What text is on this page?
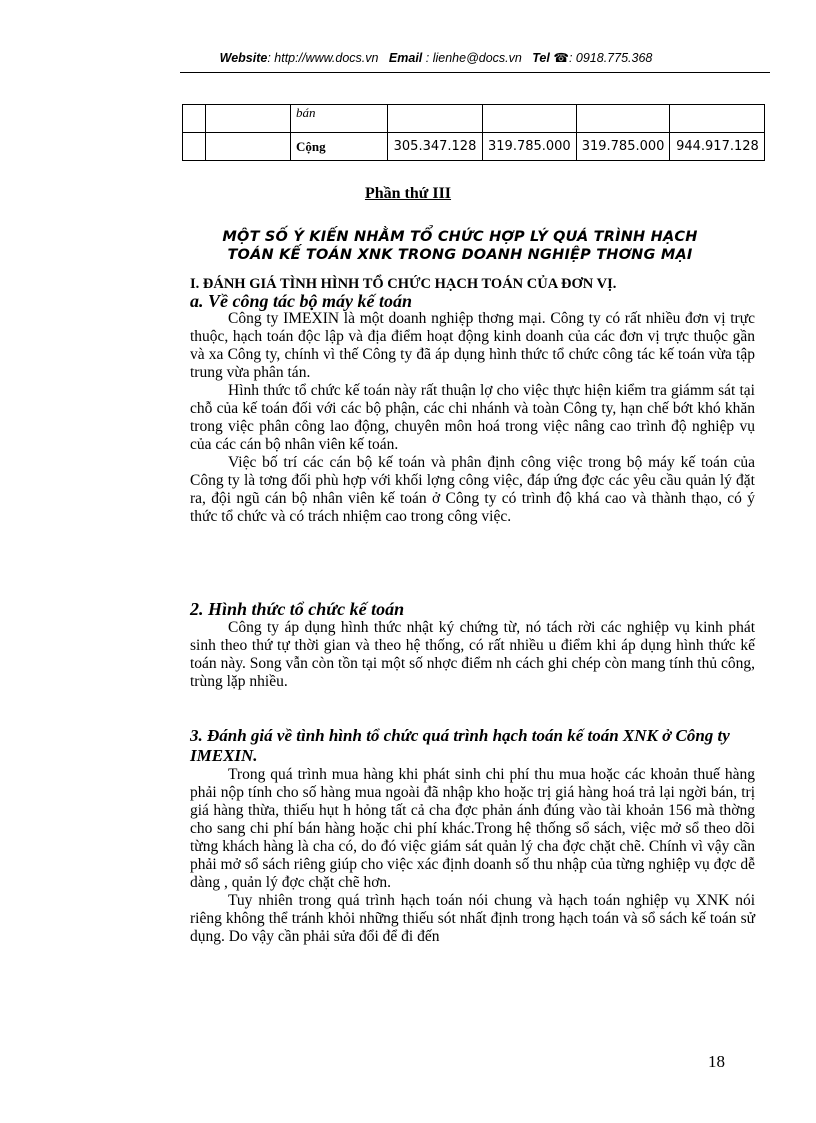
Website: http://www.docs.vn Email : lienhe@docs.vn Tel ☎: 0918.775.368
		bán				
		Cộng	305.347.128	319.785.000	319.785.000	944.917.128
Phần thứ III
MỘT SỐ Ý KIẾN NHẰM TỔ CHỨC HỢP LÝ QUÁ TRÌNH HẠCH
TOÁN KẾ TOÁN XNK TRONG DOANH NGHIỆP THƠNG MẠI
I. ĐÁNH GIÁ TÌNH HÌNH TỔ CHỨC HẠCH TOÁN CỦA ĐƠN VỊ.
a. Về công tác bộ máy kế toán

Công ty IMEXIN là một doanh nghiệp thơng mại. Công ty có rất nhiều đơn vị trực thuộc, hạch toán độc lập và địa điểm hoạt động kinh doanh của các đơn vị trực thuộc gần và xa Công ty, chính vì thế Công ty đã áp dụng hình thức tổ chức công tác kế toán vừa tập trung vừa phân tán.

Hình thức tổ chức kế toán này rất thuận lợ cho việc thực hiện kiểm tra giámm sát tại chỗ của kế toán đối với các bộ phận, các chi nhánh và toàn Công ty, hạn chế bớt khó khăn trong việc phân công lao động, chuyên môn hoá trong việc nâng cao trình độ nghiệp vụ của các cán bộ nhân viên kế toán.

Việc bố trí các cán bộ kế toán và phân định công việc trong bộ máy kế toán của Công ty là tơng đối phù hợp với khối lợng công việc, đáp ứng đợc các yêu cầu quản lý đặt ra, đội ngũ cán bộ nhân viên kế toán ở Công ty có trình độ khá cao và thành thạo, có ý thức tổ chức và có trách nhiệm cao trong công việc.

2. Hình thức tổ chức kế toán

Công ty áp dụng hình thức nhật ký chứng từ, nó tách rời các nghiệp vụ kinh phát sinh theo thứ tự thời gian và theo hệ thống, có rất nhiều u điểm khi áp dụng hình thức kế toán này. Song vẫn còn tồn tại một số nhợc điểm nh cách ghi chép còn mang tính thủ công, trùng lặp nhiều.

3. Đánh giá về tình hình tổ chức quá trình hạch toán kế toán XNK ở Công ty IMEXIN.

Trong quá trình mua hàng khi phát sinh chi phí thu mua hoặc các khoản thuế hàng phải nộp tính cho số hàng mua ngoài đã nhập kho hoặc trị giá hàng hoá trả lại ngời bán, trị giá hàng thừa, thiếu hụt h hỏng tất cả cha đợc phản ánh đúng vào tài khoản 156 mà thờng cho sang chi phí bán hàng hoặc chi phí khác.Trong hệ thống sổ sách, việc mở sổ theo dõi từng khách hàng là cha có, do đó việc giám sát quản lý cha đợc chặt chẽ. Chính vì vậy cần phải mở sổ sách riêng giúp cho việc xác định doanh số thu nhập của từng nghiệp vụ đợc dễ dàng , quản lý đợc chặt chẽ hơn.

Tuy nhiên trong quá trình hạch toán nói chung và hạch toán nghiệp vụ XNK nói riêng không thể tránh khỏi những thiếu sót nhất định trong hạch toán và sổ sách kế toán sử dụng. Do vậy cần phải sửa đổi để đi đến

18
